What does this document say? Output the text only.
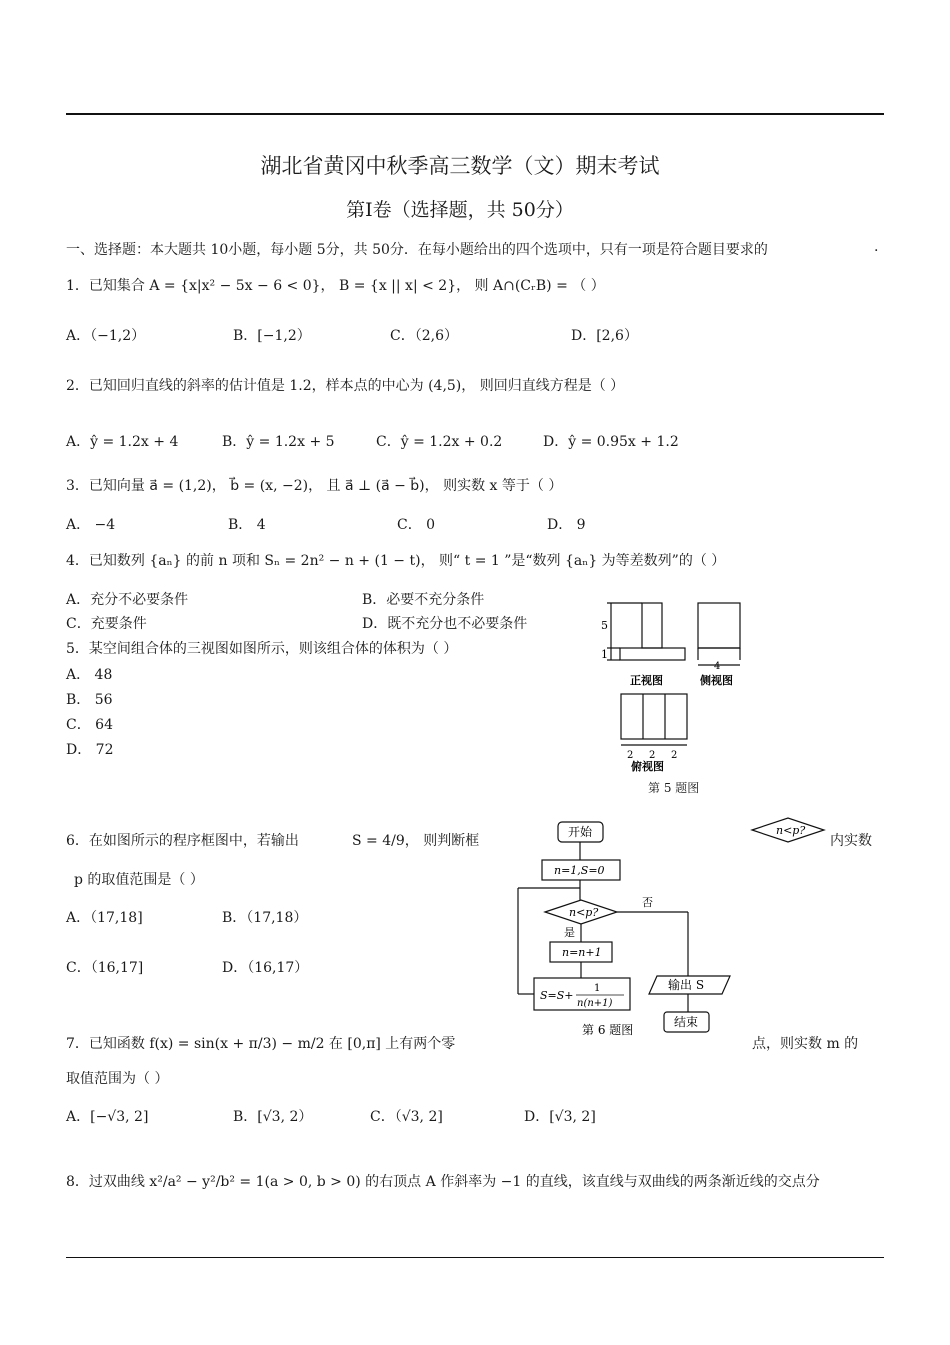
湖北省黄冈中秋季高三数学（文）期末考试
第Ⅰ卷（选择题，共 50分）
一、选择题：本大题共 10小题，每小题 5分，共 50分．在每小题给出的四个选项中，只有一项是符合题目要求的	.
1．已知集合 A = {x|x² − 5x − 6 < 0}， B = {x || x| < 2}， 则 A∩(CᵣB) = （ ）
A．（−1,2）	B．[−1,2）	C．（2,6）	D．[2,6）
2．已知回归直线的斜率的估计值是 1.2，样本点的中心为 (4,5)， 则回归直线方程是（ ）
A．ŷ = 1.2x + 4	B．ŷ = 1.2x + 5	C．ŷ = 1.2x + 0.2	D．ŷ = 0.95x + 1.2
3．已知向量 a⃗ = (1,2)， b⃗ = (x, −2)， 且 a⃗ ⊥ (a⃗ − b⃗)， 则实数 x 等于（ ）
A． −4	B． 4	C． 0	D． 9
4．已知数列 {aₙ} 的前 n 项和 Sₙ = 2n² − n + (1 − t)， 则“ t = 1 ”是“数列 {aₙ} 为等差数列”的（ ）
A．充分不必要条件	B．必要不充分条件
C．充要条件	D．既不充分也不必要条件
5．某空间组合体的三视图如图所示，则该组合体的体积为（ ）
A． 48
B． 56
C． 64
D． 72
5
1
4
正视图	侧视图
2 2 2
俯视图
第 5 题图
6．在如图所示的程序框图中，若输出	S = 4/9， 则判断框	内实数
p 的取值范围是（ ）
A．（17,18]	B．（17,18）
C．（16,17]	D．（16,17）
n<p?
开始
n=1,S=0
n<p?
否
是
n=n+1
S=S+
1
n(n+1)
输出 S
结束
第 6 题图
7．已知函数 f(x) = sin(x + π/3) − m/2 在 [0,π] 上有两个零	点，则实数 m 的
取值范围为（ ）
A．[−√3, 2]	B．[√3, 2）	C．（√3, 2]	D．[√3, 2]
8．过双曲线 x²/a² − y²/b² = 1(a > 0, b > 0) 的右顶点 A 作斜率为 −1 的直线，该直线与双曲线的两条渐近线的交点分
